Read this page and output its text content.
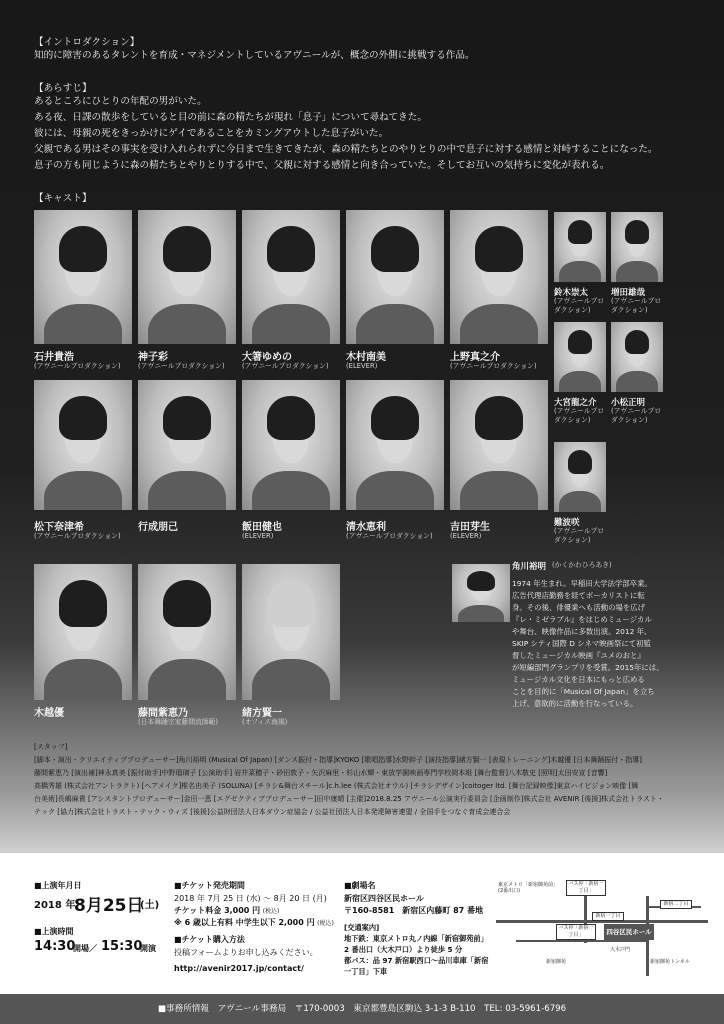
【イントロダクション】
知的に障害のあるタレントを育成・マネジメントしているアヴニールが、概念の外側に挑戦する作品。
【あらすじ】
あるところにひとりの年配の男がいた。
ある夜、日課の散歩をしていると目の前に森の精たちが現れ「息子」について尋ねてきた。
彼には、母親の死をきっかけにゲイであることをカミングアウトした息子がいた。
父親である男はその事実を受け入れられずに今日まで生きてきたが、森の精たちとのやりとりの中で息子に対する感情と対峙することになった。
息子の方も同じように森の精たちとやりとりする中で、父親に対する感情と向き合っていた。そしてお互いの気持ちに変化が表れる。
【キャスト】
石井貴浩
(アヴニールプロダクション)
神子彩
(アヴニールプロダクション)
大箸ゆめの
(アヴニールプロダクション)
木村南美
(ELEVER)
上野真之介
(アヴニールプロダクション)
松下奈津希
(アヴニールプロダクション)
行成朋己	飯田健也
(ELEVER)
清水恵利
(アヴニールプロダクション)
吉田芽生
(ELEVER)
鈴木崇太
(アヴニールプロ
ダクション)
増田雄哉
(アヴニールプロ
ダクション)
大宮龍之介
(アヴニールプロ
ダクション)
小松正明
(アヴニールプロ
ダクション)
難波咲
(アヴニールプロ
ダクション)
木越優	藤間紫恵乃
(日本舞踊宗家藤間流師範)
緒方賢一
(オフィス海風)
角川裕明 (かくかわひろあき)
1974 年生まれ。早稲田大学法学部卒業。
広告代理店勤務を経てボーカリストに転
身。その後、俳優業へも活動の場を広げ
『レ・ミゼラブル』をはじめミュージカル
や舞台、映像作品に多数出演。2012 年、
SKIP シティ国際 D シネマ映画祭にて初監
督したミュージカル映画『ユメのおと』
が短編部門グランプリを受賞。2015年には、
ミュージカル文化を日本にもっと広める
ことを目的に「Musical Of Japan」を立ち
上げ、意欲的に活動を行なっている。
[スタッフ]
[脚本・演出・クリエイティブプロデューサー]角川裕明 (Musical Of Japan) [ダンス振付・指導]KYOKO [歌唱指導]水野幹子 [演技指導]緒方賢一 [表現トレーニング]木越優 [日本舞踊振付・指導]
藤間紫恵乃 [演出補]神永真美 [振付助手]中野瑠璃子 [公演助手] 岩井菜穂子・砂田敦子・矢沢麻里・杉山水輝・東放学園映画専門学校岡本組 [舞台監督]八木敬史 [照明]太田安宣 [音響]
高橋秀雄 (株式会社アントラクト) [ヘアメイク]椎名由美子 (SOLUNA) [チラシ&舞台スチール]c.h.lee (株式会社オウル) [チラシデザイン]coitoger ltd. [舞台記録映像]東京ハイビジョン映像 [舞
台美術]長嶋麻貴 [アシスタントプロデューサー]金田一恵 [エグゼクティブプロデューサー]田中康晴 [主催]2018.8.25 アヴニール公演実行委員会 [企画制作]株式会社 AVENIR [後援]株式会社トラスト・
テック [協力]株式会社トラスト・テック・ウィズ [後援]公益財団法人日本ダウン症協会 / 公益社団法人日本発達障害連盟 / 全国手をつなぐ育成会連合会
■上演年月日
2018 年
8月25日
(土)
■上演時間
14:30
開場／ 15:30
開演
■チケット発売期間
2018 年 7月 25 日 (水) ～ 8月 20 日 (月)
チケット料金 3,000 円 (税込)
※ 6 歳以上有料 中学生以下 2,000 円 (税込)
■チケット購入方法
投稿フォームよりお申し込みください。
http://avenir2017.jp/contact/
■劇場名
新宿区四谷区民ホール
〒160-8581　新宿区内藤町 87 番地
[交通案内]
地下鉄：東京メトロ丸ノ内線「新宿御苑前」
2 番出口（大木戸口）より徒歩 5 分
都バス：品 97 新宿駅西口～品川車庫「新宿
一丁目」下車
東京メトロ「新宿御苑前」 (2番出口)
バス停「新宿一丁目」
バス停「新宿一丁目」
新宿一丁目
新宿二丁目
四谷区民ホール
大木戸門
新宿御苑	新宿御苑トンネル
■事務所情報　アヴニール事務局　〒170-0003　東京都豊島区駒込 3-1-3 B-110　TEL: 03-5961-6796
